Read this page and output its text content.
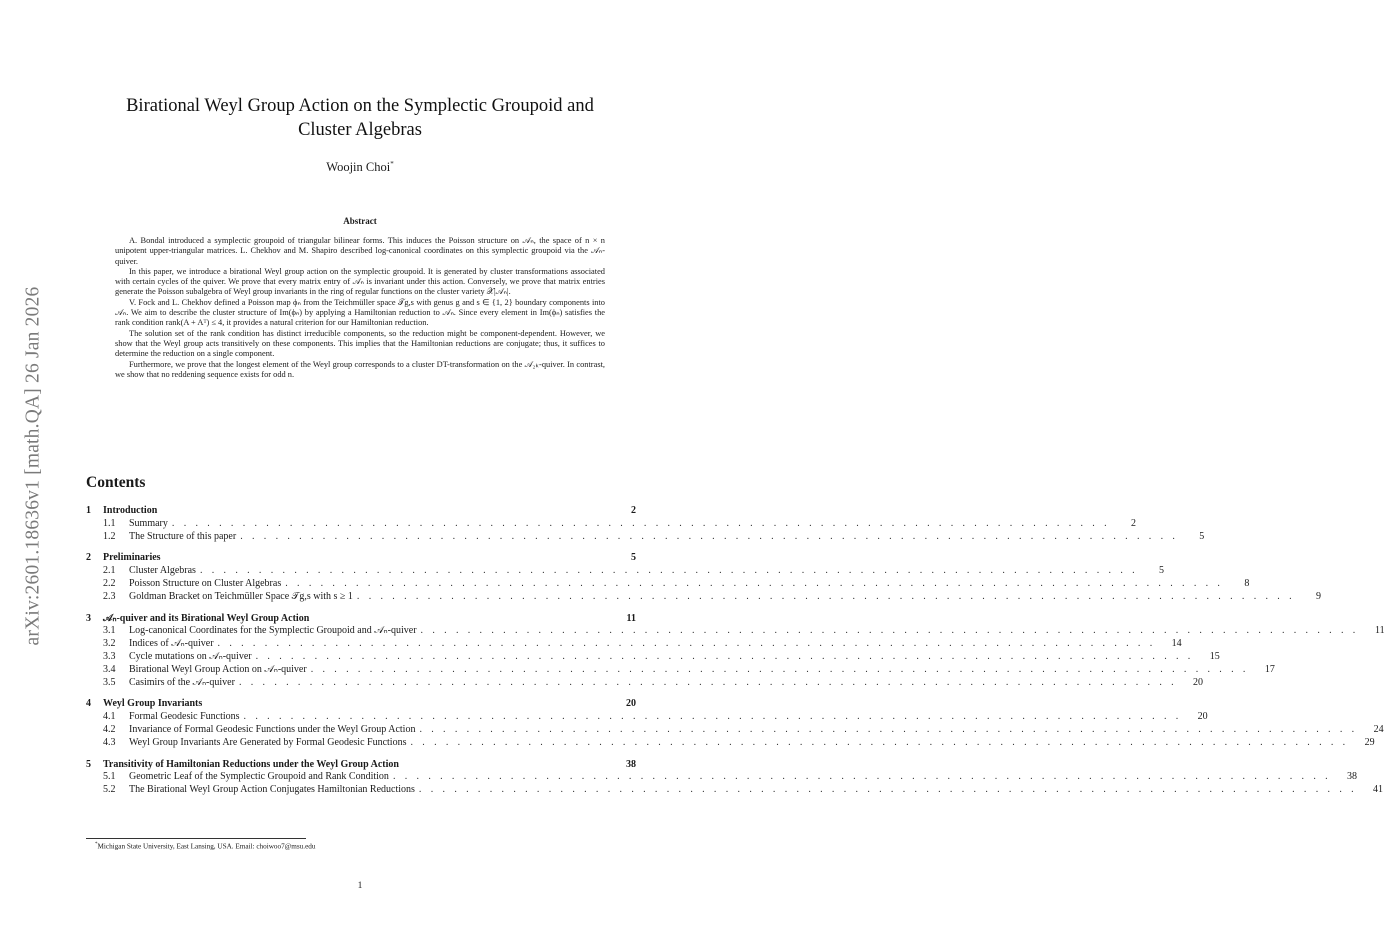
arXiv:2601.18636v1 [math.QA] 26 Jan 2026
Birational Weyl Group Action on the Symplectic Groupoid and
Cluster Algebras
Woojin Choi*
Abstract

A. Bondal introduced a symplectic groupoid of triangular bilinear forms. This induces the Poisson structure on 𝒜ₙ, the space of n × n unipotent upper-triangular matrices. L. Chekhov and M. Shapiro described log-canonical coordinates on this symplectic groupoid via the 𝒜ₙ-quiver.

In this paper, we introduce a birational Weyl group action on the symplectic groupoid. It is generated by cluster transformations associated with certain cycles of the quiver. We prove that every matrix entry of 𝒜ₙ is invariant under this action. Conversely, we prove that matrix entries generate the Poisson subalgebra of Weyl group invariants in the ring of regular functions on the cluster variety 𝒳|𝒜ₙ|.

V. Fock and L. Chekhov defined a Poisson map ϕₙ from the Teichmüller space 𝒯g,s with genus g and s ∈ {1, 2} boundary components into 𝒜ₙ. We aim to describe the cluster structure of Im(ϕₙ) by applying a Hamiltonian reduction to 𝒜ₙ. Since every element in Im(ϕₙ) satisfies the rank condition rank(A + Aᵀ) ≤ 4, it provides a natural criterion for our Hamiltonian reduction.

The solution set of the rank condition has distinct irreducible components, so the reduction might be component-dependent. However, we show that the Weyl group acts transitively on these components. This implies that the Hamiltonian reductions are conjugate; thus, it suffices to determine the reduction on a single component.

Furthermore, we prove that the longest element of the Weyl group corresponds to a cluster DT-transformation on the 𝒜₂ₖ-quiver. In contrast, we show that no reddening sequence exists for odd n.

Contents
1	Introduction	2
1.1	Summary . . . . . . . . . . . . . . . . . . . . . . . . . . . . . . . . . . . . . . . . . . . . . . . . . . . . . . . . . . . . . . . . . . . . . . . . . . . . . . . .	2
1.2	The Structure of this paper . . . . . . . . . . . . . . . . . . . . . . . . . . . . . . . . . . . . . . . . . . . . . . . . . . . . . . . . . . . . . . . . . . . . . . . . . . . . . . . .	5
2	Preliminaries	5
2.1	Cluster Algebras . . . . . . . . . . . . . . . . . . . . . . . . . . . . . . . . . . . . . . . . . . . . . . . . . . . . . . . . . . . . . . . . . . . . . . . . . . . . . . . .	5
2.2	Poisson Structure on Cluster Algebras . . . . . . . . . . . . . . . . . . . . . . . . . . . . . . . . . . . . . . . . . . . . . . . . . . . . . . . . . . . . . . . . . . . . . . . . . . . . . . . .	8
2.3	Goldman Bracket on Teichmüller Space 𝒯g,s with s ≥ 1 . . . . . . . . . . . . . . . . . . . . . . . . . . . . . . . . . . . . . . . . . . . . . . . . . . . . . . . . . . . . . . . . . . . . . . . . . . . . . . . .	9
3	𝒜ₙ-quiver and its Birational Weyl Group Action	11
3.1	Log-canonical Coordinates for the Symplectic Groupoid and 𝒜ₙ-quiver . . . . . . . . . . . . . . . . . . . . . . . . . . . . . . . . . . . . . . . . . . . . . . . . . . . . . . . . . . . . . . . . . . . . . . . . . . . . . . . .	11
3.2	Indices of 𝒜ₙ-quiver . . . . . . . . . . . . . . . . . . . . . . . . . . . . . . . . . . . . . . . . . . . . . . . . . . . . . . . . . . . . . . . . . . . . . . . . . . . . . . . .	14
3.3	Cycle mutations on 𝒜ₙ-quiver . . . . . . . . . . . . . . . . . . . . . . . . . . . . . . . . . . . . . . . . . . . . . . . . . . . . . . . . . . . . . . . . . . . . . . . . . . . . . . . .	15
3.4	Birational Weyl Group Action on 𝒜ₙ-quiver . . . . . . . . . . . . . . . . . . . . . . . . . . . . . . . . . . . . . . . . . . . . . . . . . . . . . . . . . . . . . . . . . . . . . . . . . . . . . . . .	17
3.5	Casimirs of the 𝒜ₙ-quiver . . . . . . . . . . . . . . . . . . . . . . . . . . . . . . . . . . . . . . . . . . . . . . . . . . . . . . . . . . . . . . . . . . . . . . . . . . . . . . . .	20
4	Weyl Group Invariants	20
4.1	Formal Geodesic Functions . . . . . . . . . . . . . . . . . . . . . . . . . . . . . . . . . . . . . . . . . . . . . . . . . . . . . . . . . . . . . . . . . . . . . . . . . . . . . . . .	20
4.2	Invariance of Formal Geodesic Functions under the Weyl Group Action . . . . . . . . . . . . . . . . . . . . . . . . . . . . . . . . . . . . . . . . . . . . . . . . . . . . . . . . . . . . . . . . . . . . . . . . . . . . . . . .	24
4.3	Weyl Group Invariants Are Generated by Formal Geodesic Functions . . . . . . . . . . . . . . . . . . . . . . . . . . . . . . . . . . . . . . . . . . . . . . . . . . . . . . . . . . . . . . . . . . . . . . . . . . . . . . . .	29
5	Transitivity of Hamiltonian Reductions under the Weyl Group Action	38
5.1	Geometric Leaf of the Symplectic Groupoid and Rank Condition . . . . . . . . . . . . . . . . . . . . . . . . . . . . . . . . . . . . . . . . . . . . . . . . . . . . . . . . . . . . . . . . . . . . . . . . . . . . . . . .	38
5.2	The Birational Weyl Group Action Conjugates Hamiltonian Reductions . . . . . . . . . . . . . . . . . . . . . . . . . . . . . . . . . . . . . . . . . . . . . . . . . . . . . . . . . . . . . . . . . . . . . . . . . . . . . . . .	41
*Michigan State University, East Lansing, USA. Email: choiwoo7@msu.edu
1
